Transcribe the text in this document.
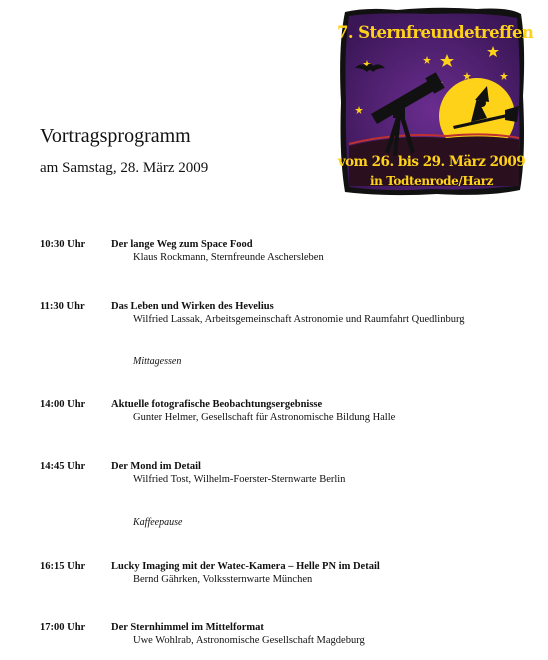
7. Sternfreundetreffen
vom 26. bis 29. März 2009
in Todtenrode/Harz
Vortragsprogramm
am Samstag, 28. März 2009
10:30 Uhr Der lange Weg zum Space Food
Klaus Rockmann, Sternfreunde Aschersleben
11:30 Uhr	Das Leben und Wirken des Hevelius
Wilfried Lassak, Arbeitsgemeinschaft Astronomie und Raumfahrt Quedlinburg
Mittagessen
14:00 Uhr Aktuelle fotografische Beobachtungsergebnisse
Gunter Helmer, Gesellschaft für Astronomische Bildung Halle
14:45 Uhr Der Mond im Detail
Wilfried Tost, Wilhelm-Foerster-Sternwarte Berlin
Kaffeepause
16:15 Uhr Lucky Imaging mit der Watec-Kamera – Helle PN im Detail
Bernd Gährken, Volkssternwarte München
17:00 Uhr Der Sternhimmel im Mittelformat
Uwe Wohlrab, Astronomische Gesellschaft Magdeburg
